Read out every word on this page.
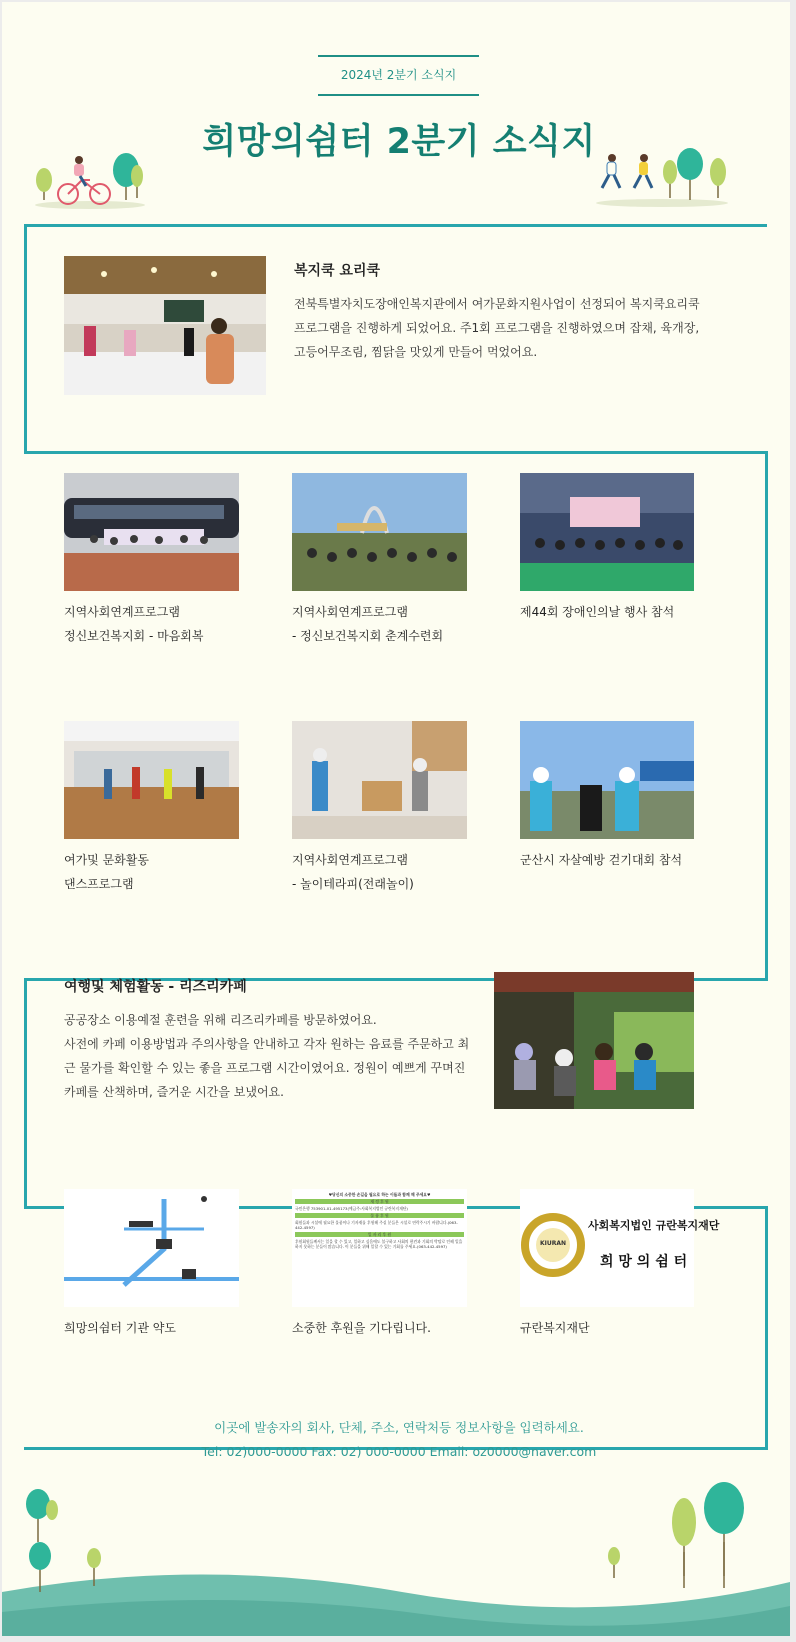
2024년 2분기 소식지
희망의쉼터 2분기 소식지
복지쿡 요리쿡
전북특별자치도장애인복지관에서 여가문화지원사업이 선정되어 복지쿡요리쿡 프로그램을 진행하게 되었어요. 주1회 프로그램을 진행하였으며 잡채, 육개장, 고등어무조림, 찜닭을 맛있게 만들어 먹었어요.
지역사회연계프로그램
정신보건복지회 - 마음회복
지역사회연계프로그램
- 정신보건복지회 춘계수련회
제44회 장애인의날 행사 참석
여가및 문화활동
댄스프로그램
지역사회연계프로그램
- 놀이테라피(전래놀이)
군산시 자살예방 걷기대회 참석
여행및 체험활동 - 리즈리카페
공공장소 이용예절 훈련을 위해 리즈리카페를 방문하였어요.
사전에 카페 이용방법과 주의사항을 안내하고 각자 원하는 음료를 주문하고 최근 물가를 확인할 수 있는 좋을 프로그램 시간이였어요. 정원이 예쁘게 꾸며진 카페를 산책하며, 즐거운 시간을 보냈어요.
희망의쉼터 기관 약도
♥당신의 소중한 손길을 필요로 하는 이들과 함께 해 주세요♥
재 정 후 원
국민은행 753901-01-495173(예금주:사회복지법인 규란복지재단)
물 품 후 원
회원들과 시설에 필요한 물품이나 기자재를 후원해 주실 분들은 시설로 연락주시기 바랍니다.(063-442-4597)
일 자 리 후 원
후원회원들께서는 일을 할 수 있고, 일하고 싶음에도 불구하고 사회의 편견과 기회의 박탈로 인해 일을 하지 못하는 분들이 많습니다. 이 분들을 위해 일할 수 있는 기회를 주세요.(063-442-4597)
소중한 후원을 기다립니다.
KIURAN
사회복지법인 규란복지재단
희 망 의 쉼 터
규란복지재단
이곳에 발송자의 회사, 단체, 주소, 연락처등 정보사항을 입력하세요.
Tel: 02)000-0000 Fax: 02) 000-0000 Email: oz0000@naver.com
